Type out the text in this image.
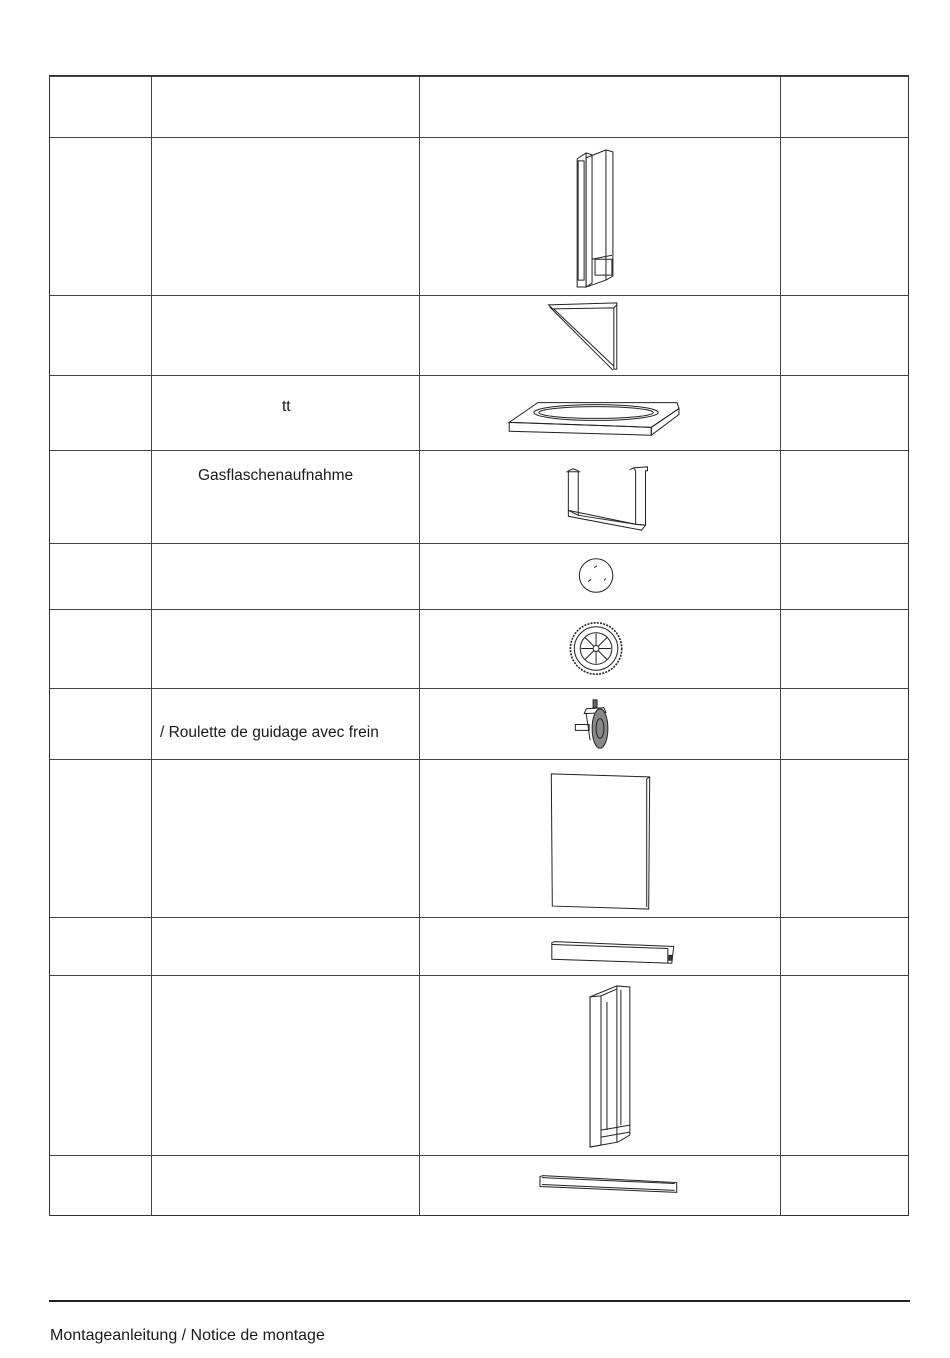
tt
Gasflaschenaufnahme
/ Roulette de guidage avec frein
Montageanleitung / Notice de montage
